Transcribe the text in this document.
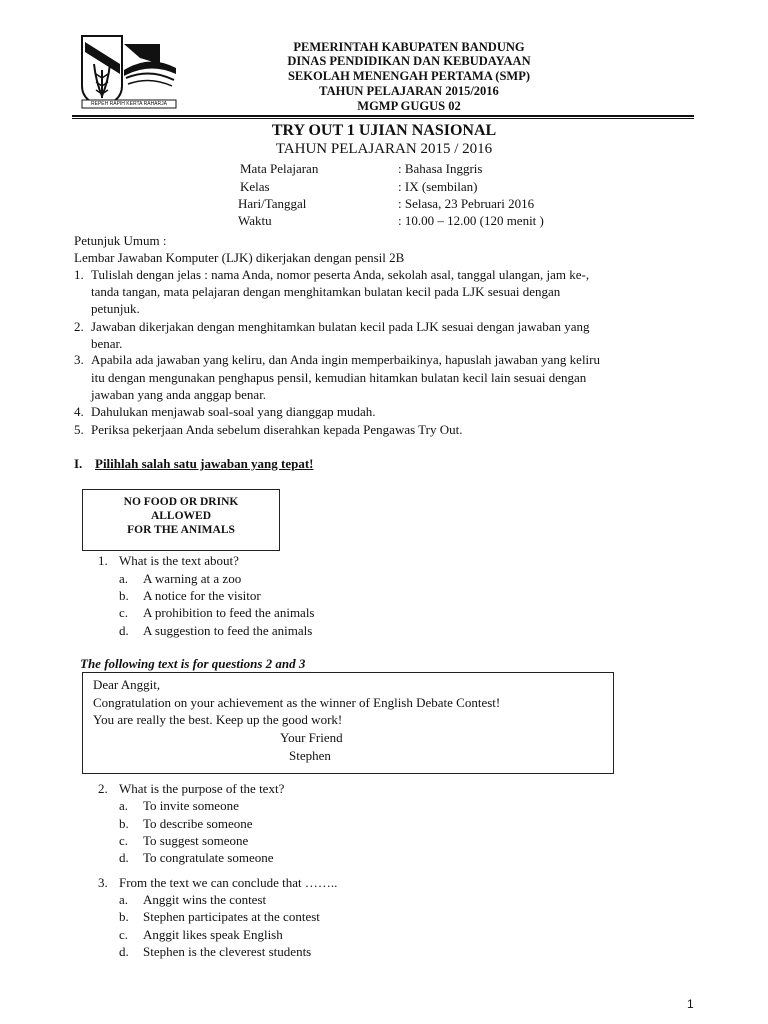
REPEH RAPIH KERTA RAHARJA
PEMERINTAH KABUPATEN BANDUNG
DINAS PENDIDIKAN DAN KEBUDAYAAN
SEKOLAH MENENGAH PERTAMA (SMP)
TAHUN PELAJARAN 2015/2016
MGMP GUGUS 02
TRY OUT 1 UJIAN NASIONAL
TAHUN PELAJARAN 2015 / 2016
Mata Pelajaran	: Bahasa Inggris
Kelas	: IX (sembilan)
Hari/Tanggal	: Selasa, 23 Pebruari 2016
Waktu	: 10.00 – 12.00 (120 menit )
Petunjuk Umum :
Lembar Jawaban Komputer (LJK) dikerjakan dengan pensil 2B
1. Tulislah dengan jelas : nama Anda, nomor peserta Anda, sekolah asal, tanggal ulangan, jam ke-,
tanda tangan, mata pelajaran dengan menghitamkan bulatan kecil pada LJK sesuai dengan
petunjuk.
2. Jawaban dikerjakan dengan menghitamkan bulatan kecil pada LJK sesuai dengan jawaban yang
benar.
3. Apabila ada jawaban yang keliru, dan Anda ingin memperbaikinya, hapuslah jawaban yang keliru
itu dengan mengunakan penghapus pensil, kemudian hitamkan bulatan kecil lain sesuai dengan
jawaban yang anda anggap benar.
4. Dahulukan menjawab soal-soal yang dianggap mudah.
5. Periksa pekerjaan Anda sebelum diserahkan kepada Pengawas Try Out.
I. Pilihlah salah satu jawaban yang tepat!
NO FOOD OR DRINK
ALLOWED
FOR THE ANIMALS
1. What is the text about?
a. A warning at a zoo
b. A notice for the visitor
c. A prohibition to feed the animals
d. A suggestion to feed the animals
The following text is for questions 2 and 3
Dear Anggit,
Congratulation on your achievement as the winner of English Debate Contest!
You are really the best. Keep up the good work!
Your Friend
Stephen
2. What is the purpose of the text?
a. To invite someone
b. To describe someone
c. To suggest someone
d. To congratulate someone
3. From the text we can conclude that ……..
a. Anggit wins the contest
b. Stephen participates at the contest
c. Anggit likes speak English
d. Stephen is the cleverest students
1
